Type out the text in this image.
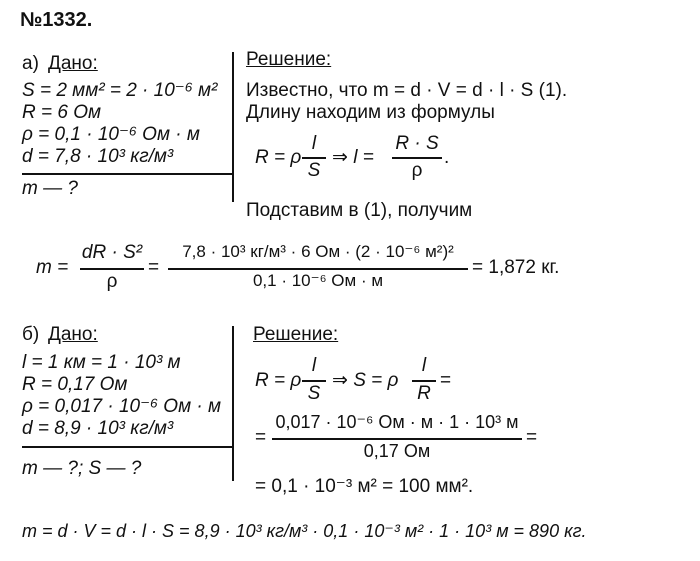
№1332.
а) Дано:
S = 2 мм² = 2 · 10⁻⁶ м²
R = 6 Ом
ρ = 0,1 · 10⁻⁶ Ом · м
d = 7,8 · 10³ кг/м³
m — ?
Решение:
Известно, что m = d · V = d · l · S (1).
Длину находим из формулы
R = ρ
l
S
⇒ l =
R · S
ρ
.
Подставим в (1), получим
m =
dR · S²
ρ
=
7,8 · 10³ кг/м³ · 6 Ом · (2 · 10⁻⁶ м²)²
0,1 · 10⁻⁶ Ом · м
= 1,872 кг.
б) Дано:
l = 1 км = 1 · 10³ м
R = 0,17 Ом
ρ = 0,017 · 10⁻⁶ Ом · м
d = 8,9 · 10³ кг/м³
m — ?; S — ?
Решение:
R = ρ
l
S
⇒ S = ρ
l
R
=
=
0,017 · 10⁻⁶ Ом · м · 1 · 10³ м
0,17 Ом
=
= 0,1 · 10⁻³ м² = 100 мм².
m = d · V = d · l · S = 8,9 · 10³ кг/м³ · 0,1 · 10⁻³ м² · 1 · 10³ м = 890 кг.
